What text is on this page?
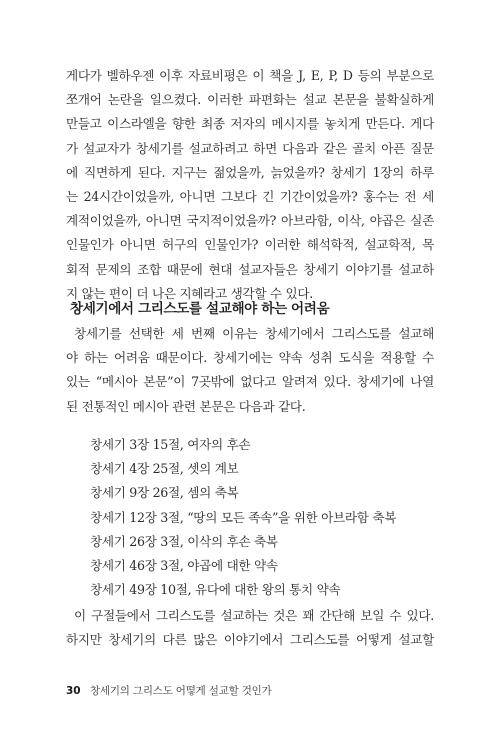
게다가 벨하우젠 이후 자료비평은 이 책을 J, E, P, D 등의 부분으로

쪼개어 논란을 일으켰다. 이러한 파편화는 설교 본문을 불확실하게

만들고 이스라엘을 향한 최종 저자의 메시지를 놓치게 만든다. 게다

가 설교자가 창세기를 설교하려고 하면 다음과 같은 골치 아픈 질문

에 직면하게 된다. 지구는 젊었을까, 늙었을까? 창세기 1장의 하루

는 24시간이었을까, 아니면 그보다 긴 기간이었을까? 홍수는 전 세

계적이었을까, 아니면 국지적이었을까? 아브라함, 이삭, 야곱은 실존

인물인가 아니면 허구의 인물인가? 이러한 해석학적, 설교학적, 목

회적 문제의 조합 때문에 현대 설교자들은 창세기 이야기를 설교하

지 않는 편이 더 나은 지혜라고 생각할 수 있다.

창세기에서 그리스도를 설교해야 하는 어려움

창세기를 선택한 세 번째 이유는 창세기에서 그리스도를 설교해

야 하는 어려움 때문이다. 창세기에는 약속 성취 도식을 적용할 수

있는 “메시아 본문”이 7곳밖에 없다고 알려져 있다. 창세기에 나열

된 전통적인 메시아 관련 본문은 다음과 같다.

창세기 3장 15절, 여자의 후손
창세기 4장 25절, 셋의 계보
창세기 9장 26절, 셈의 축복
창세기 12장 3절, “땅의 모든 족속”을 위한 아브라함 축복
창세기 26장 3절, 이삭의 후손 축복
창세기 46장 3절, 야곱에 대한 약속
창세기 49장 10절, 유다에 대한 왕의 통치 약속

이 구절들에서 그리스도를 설교하는 것은 꽤 간단해 보일 수 있다.

하지만 창세기의 다른 많은 이야기에서 그리스도를 어떻게 설교할

30 창세기의 그리스도 어떻게 설교할 것인가
